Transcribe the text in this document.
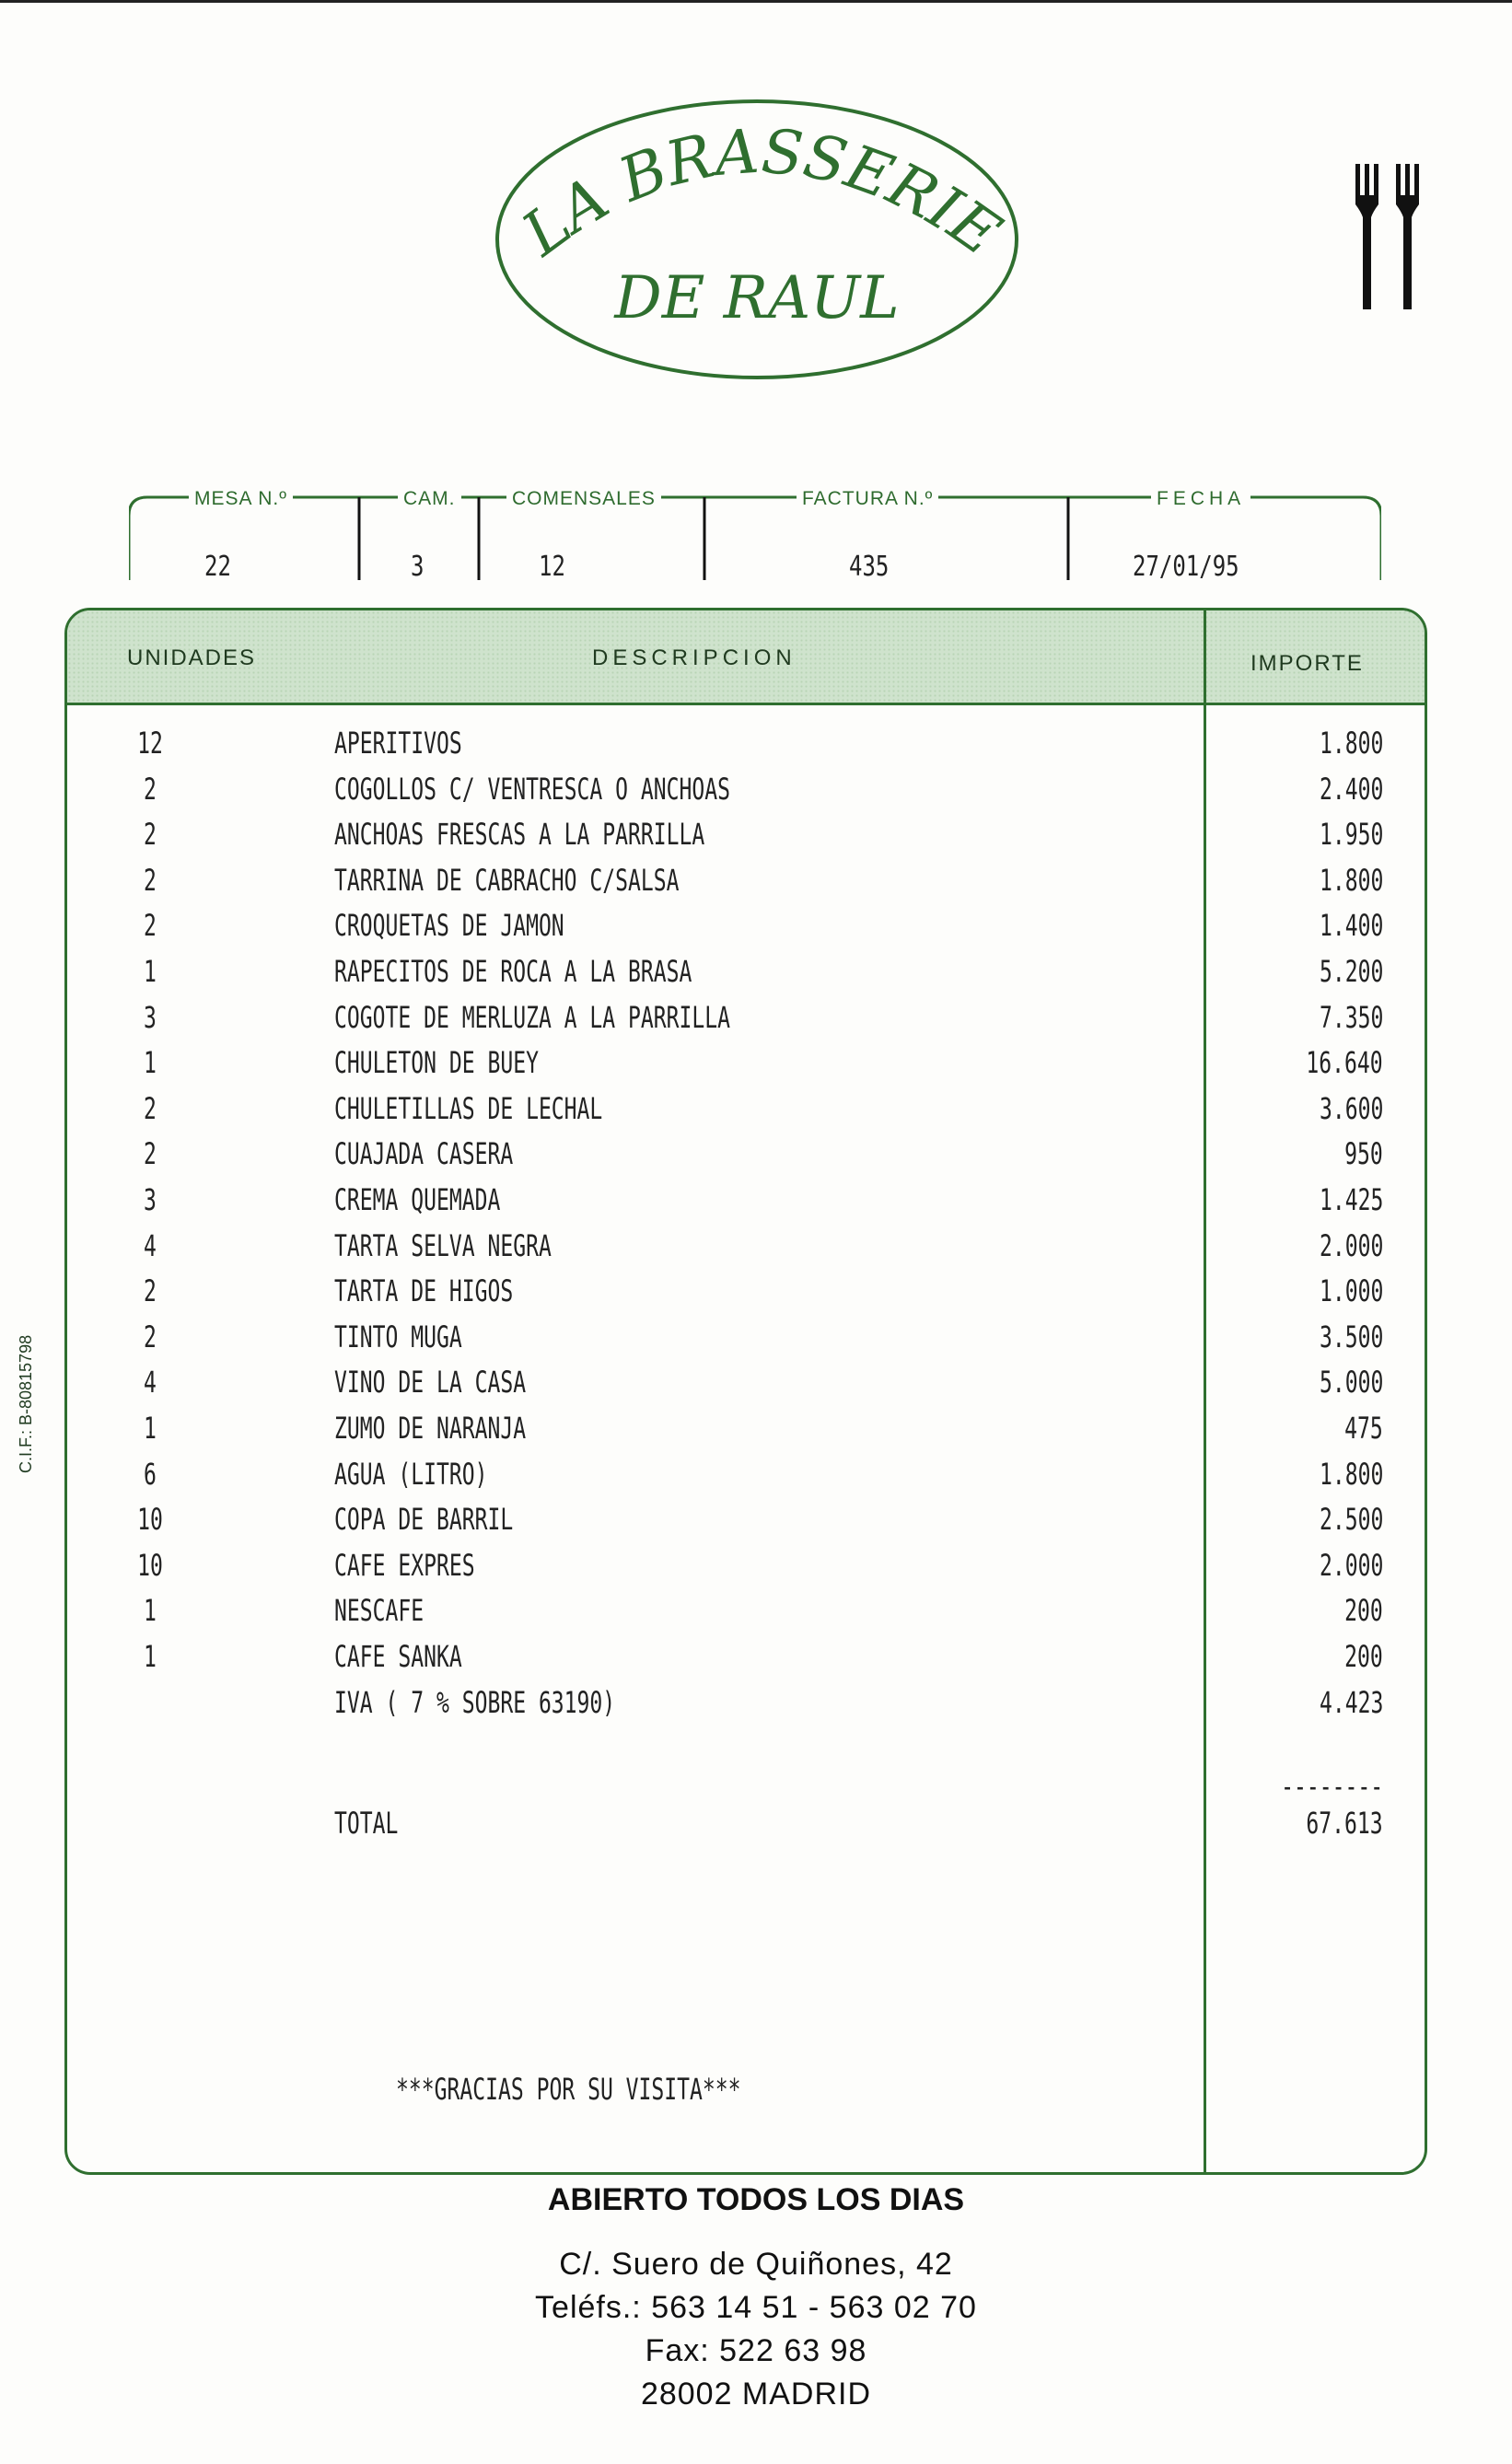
LA BRASSERIE
DE RAUL
MESA N.º	CAM.	COMENSALES	FACTURA N.º	FECHA
22	3	12	435	27/01/95
UNIDADES	DESCRIPCION	IMPORTE
12	APERITIVOS	1.800
2	COGOLLOS C/ VENTRESCA O ANCHOAS	2.400
2	ANCHOAS FRESCAS A LA PARRILLA	1.950
2	TARRINA DE CABRACHO C/SALSA	1.800
2	CROQUETAS DE JAMON	1.400
1	RAPECITOS DE ROCA A LA BRASA	5.200
3	COGOTE DE MERLUZA A LA PARRILLA	7.350
1	CHULETON DE BUEY	16.640
2	CHULETILLAS DE LECHAL	3.600
2	CUAJADA CASERA	950
3	CREMA QUEMADA	1.425
4	TARTA SELVA NEGRA	2.000
2	TARTA DE HIGOS	1.000
2	TINTO MUGA	3.500
4	VINO DE LA CASA	5.000
1	ZUMO DE NARANJA	475
6	AGUA (LITRO)	1.800
10	COPA DE BARRIL	2.500
10	CAFE EXPRES	2.000
1	NESCAFE	200
1	CAFE SANKA	200
IVA ( 7 % SOBRE 63190)	4.423
--------
TOTAL	67.613
***GRACIAS POR SU VISITA***
C.I.F.: B-80815798
ABIERTO TODOS LOS DIAS
C/. Suero de Quiñones, 42
Teléfs.: 563 14 51 - 563 02 70
Fax: 522 63 98
28002 MADRID
